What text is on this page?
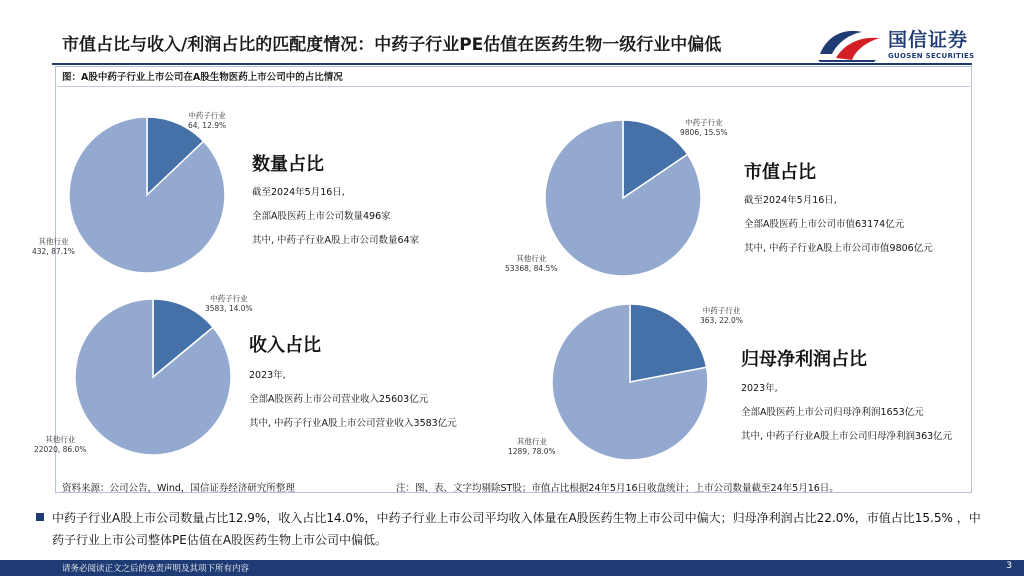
市值占比与收入/利润占比的匹配度情况：中药子行业PE估值在医药生物一级行业中偏低	国信证券
GUOSEN SECURITIES
图：A股中药子行业上市公司在A股生物医药上市公司中的占比情况
中药子行业
64, 12.9%
其他行业
432, 87.1%
中药子行业
9806, 15.5%
其他行业
53368, 84.5%
中药子行业
3583, 14.0%
其他行业
22020, 86.0%
中药子行业
363, 22.0%
其他行业
1289, 78.0%
数量占比
截至2024年5月16日,
全部A股医药上市公司数量496家
其中, 中药子行业A股上市公司数量64家
市值占比
截至2024年5月16日,
全部A股医药上市公司市值63174亿元
其中, 中药子行业A股上市公司市值9806亿元
收入占比
2023年,
全部A股医药上市公司营业收入25603亿元
其中, 中药子行业A股上市公司营业收入3583亿元
归母净利润占比
2023年,
全部A股医药上市公司归母净利润1653亿元
其中, 中药子行业A股上市公司归母净利润363亿元
资料来源：公司公告，Wind，国信证券经济研究所整理	注：图、表、文字均剔除ST股；市值占比根据24年5月16日收盘统计；上市公司数量截至24年5月16日。
中药子行业A股上市公司数量占比12.9%，收入占比14.0%，中药子行业上市公司平均收入体量在A股医药生物上市公司中偏大；归母净利润占比22.0%，市值占比15.5% ，中药子行业上市公司整体PE估值在A股医药生物上市公司中偏低。
请务必阅读正文之后的免责声明及其项下所有内容	3
